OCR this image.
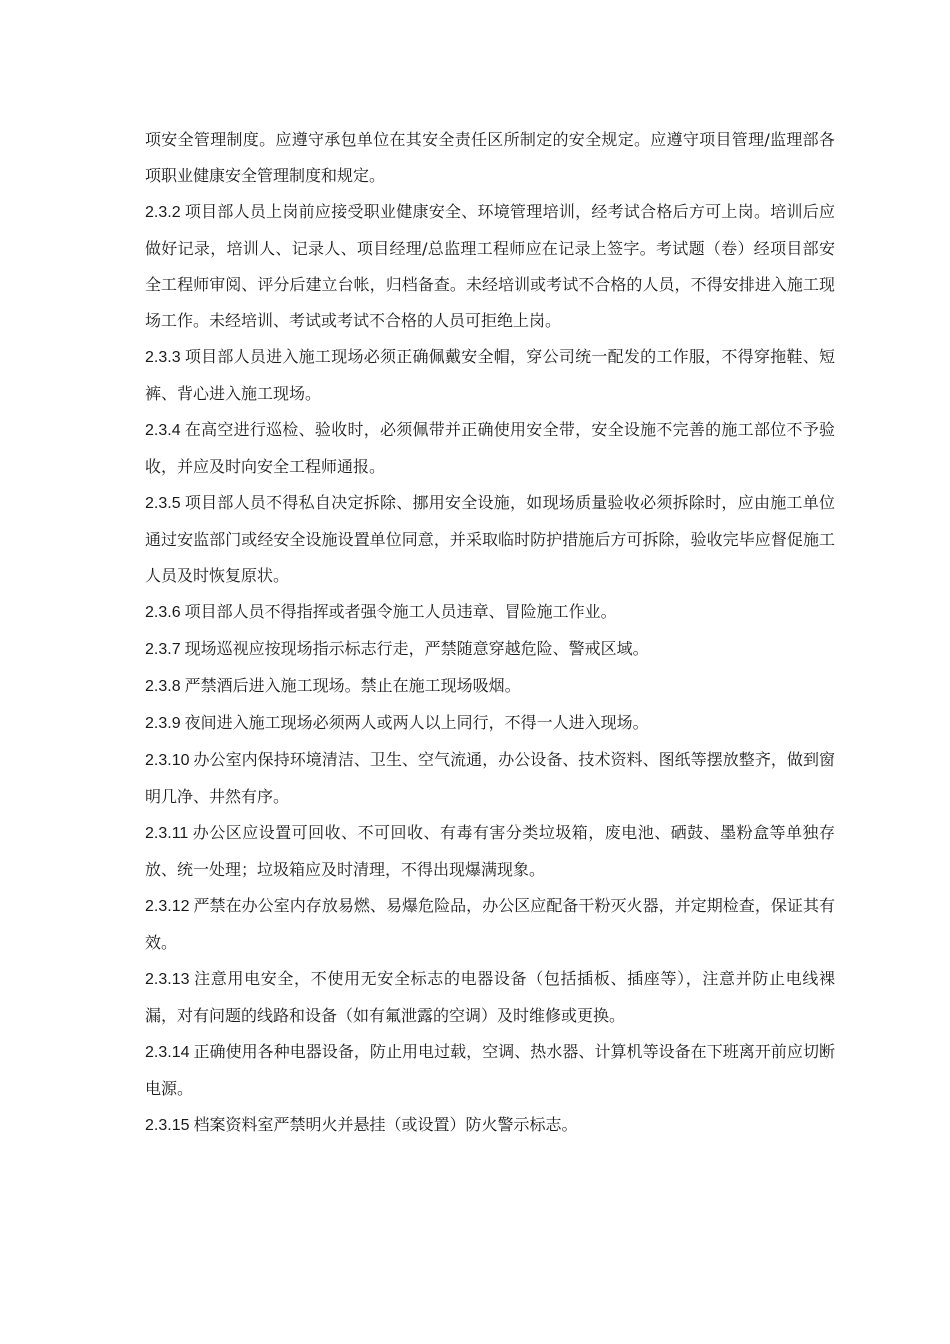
项安全管理制度。应遵守承包单位在其安全责任区所制定的安全规定。应遵守项目管理/监理部各项职业健康安全管理制度和规定。

2.3.2 项目部人员上岗前应接受职业健康安全、环境管理培训，经考试合格后方可上岗。培训后应做好记录，培训人、记录人、项目经理/总监理工程师应在记录上签字。考试题（卷）经项目部安全工程师审阅、评分后建立台帐，归档备查。未经培训或考试不合格的人员，不得安排进入施工现场工作。未经培训、考试或考试不合格的人员可拒绝上岗。

2.3.3 项目部人员进入施工现场必须正确佩戴安全帽，穿公司统一配发的工作服，不得穿拖鞋、短裤、背心进入施工现场。

2.3.4 在高空进行巡检、验收时，必须佩带并正确使用安全带，安全设施不完善的施工部位不予验收，并应及时向安全工程师通报。

2.3.5 项目部人员不得私自决定拆除、挪用安全设施，如现场质量验收必须拆除时，应由施工单位通过安监部门或经安全设施设置单位同意，并采取临时防护措施后方可拆除，验收完毕应督促施工人员及时恢复原状。

2.3.6 项目部人员不得指挥或者强令施工人员违章、冒险施工作业。

2.3.7 现场巡视应按现场指示标志行走，严禁随意穿越危险、警戒区域。

2.3.8 严禁酒后进入施工现场。禁止在施工现场吸烟。

2.3.9 夜间进入施工现场必须两人或两人以上同行，不得一人进入现场。

2.3.10 办公室内保持环境清洁、卫生、空气流通，办公设备、技术资料、图纸等摆放整齐，做到窗明几净、井然有序。

2.3.11 办公区应设置可回收、不可回收、有毒有害分类垃圾箱，废电池、硒鼓、墨粉盒等单独存放、统一处理；垃圾箱应及时清理，不得出现爆满现象。

2.3.12 严禁在办公室内存放易燃、易爆危险品，办公区应配备干粉灭火器，并定期检查，保证其有效。

2.3.13 注意用电安全，不使用无安全标志的电器设备（包括插板、插座等），注意并防止电线裸漏，对有问题的线路和设备（如有氟泄露的空调）及时维修或更换。

2.3.14 正确使用各种电器设备，防止用电过载，空调、热水器、计算机等设备在下班离开前应切断电源。

2.3.15 档案资料室严禁明火并悬挂（或设置）防火警示标志。
